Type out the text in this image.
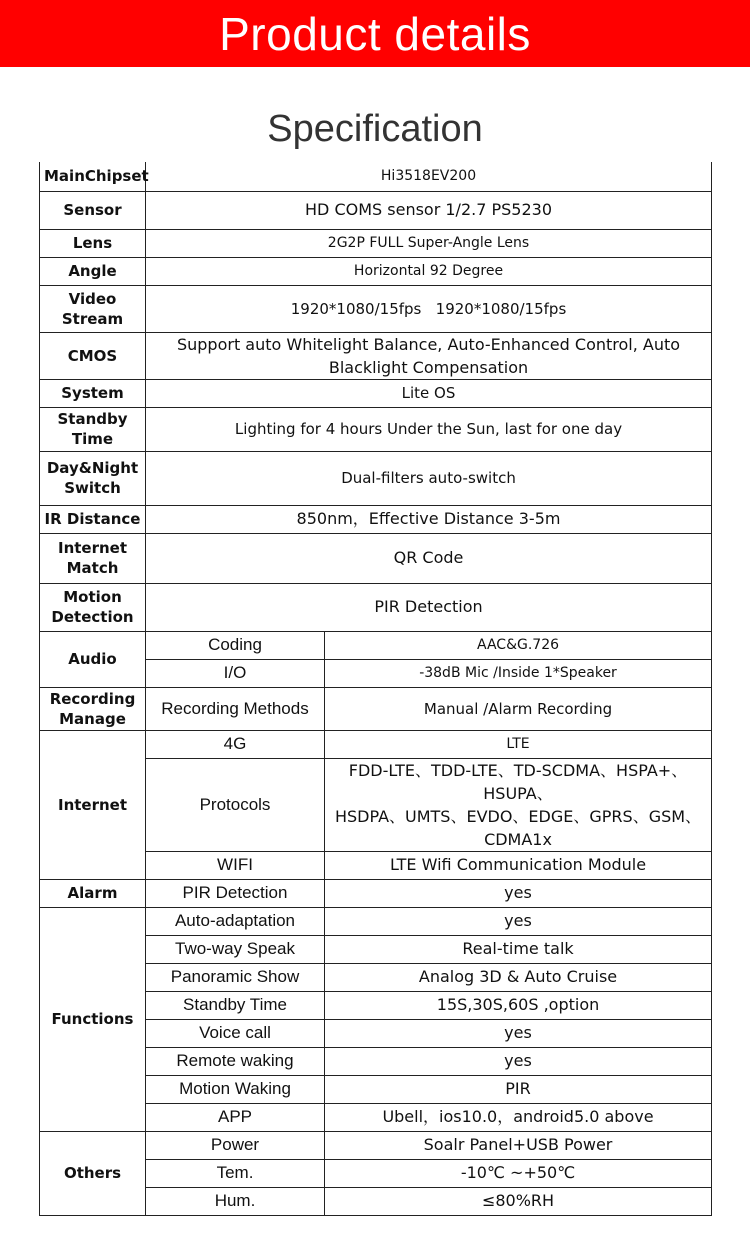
Product details
Specification
MainChipset	Hi3518EV200	
Sensor	HD COMS sensor 1/2.7 PS5230	
Lens	2G2P FULL Super-Angle Lens	
Angle	Horizontal 92 Degree	
Video Stream	1920*1080/15fps   1920*1080/15fps	
CMOS	Support auto Whitelight Balance, Auto-Enhanced Control, Auto Blacklight Compensation	
System	Lite OS	
Standby Time	Lighting for 4 hours Under the Sun, last for one day	
Day&Night Switch	Dual-filters auto-switch	
IR Distance	850nm，Effective Distance 3-5m	
Internet Match	QR Code	
Motion Detection	PIR Detection	
Audio	Coding	AAC&G.726
	I/O	-38dB Mic /Inside 1*Speaker
Recording Manage	Recording Methods	Manual /Alarm Recording
Internet	4G	LTE
	Protocols	FDD-LTE、TDD-LTE、TD-SCDMA、HSPA+、HSUPA、
HSDPA、UMTS、EVDO、EDGE、GPRS、GSM、CDMA1x

	WIFI	LTE Wifi Communication Module
Alarm	PIR Detection	yes
Functions	Auto-adaptation	yes
	Two-way Speak	Real-time talk
	Panoramic Show	Analog 3D & Auto Cruise
	Standby Time	15S,30S,60S ,option
	Voice call	yes
	Remote waking	yes
	Motion Waking	PIR
	APP	Ubell，ios10.0，android5.0 above
Others	Power	Soalr Panel+USB Power
	Tem.	-10℃ ~+50℃
	Hum.	≤80%RH
